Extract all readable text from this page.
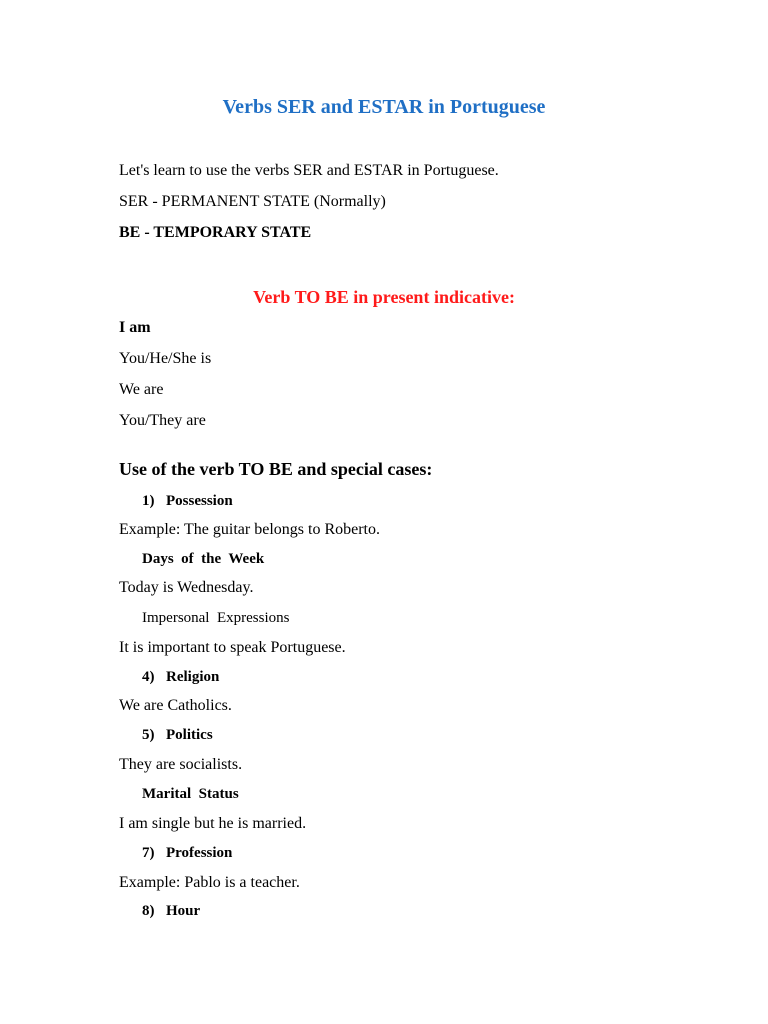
Verbs SER and ESTAR in Portuguese
Let's learn to use the verbs SER and ESTAR in Portuguese.
SER - PERMANENT STATE (Normally)
BE - TEMPORARY STATE
Verb TO BE in present indicative:
I am
You/He/She is
We are
You/They are
Use of the verb TO BE and special cases:
1) Possession
Example: The guitar belongs to Roberto.
Days  of  the  Week
Today is Wednesday.
Impersonal  Expressions
It is important to speak Portuguese.
4) Religion
We are Catholics.
5) Politics
They are socialists.
Marital  Status
I am single but he is married.
7) Profession
Example: Pablo is a teacher.
8) Hour
